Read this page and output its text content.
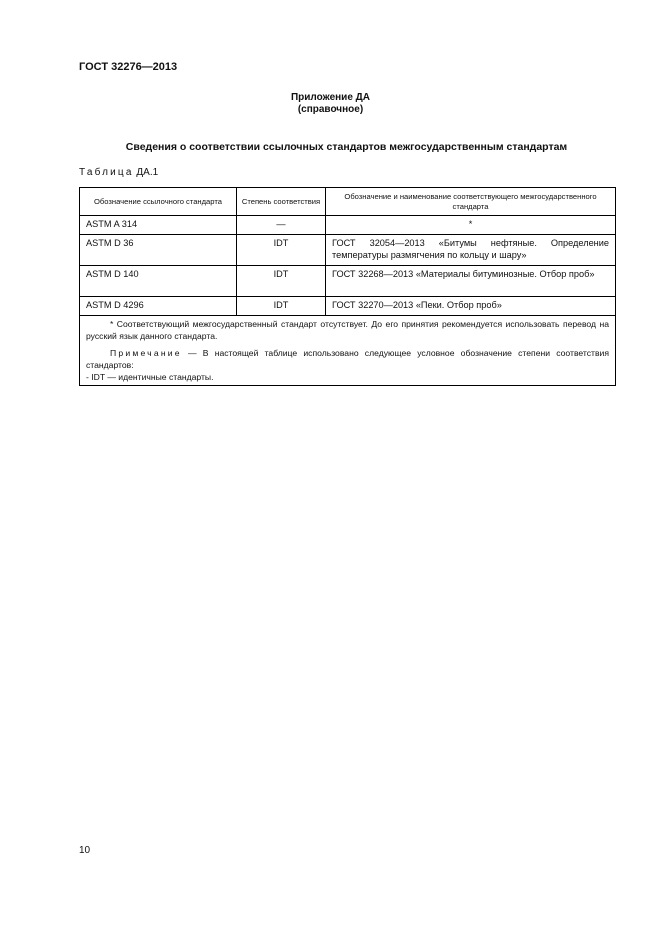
ГОСТ 32276—2013
Приложение ДА
(справочное)
Сведения о соответствии ссылочных стандартов межгосударственным стандартам
Таблица ДА.1
Обозначение ссылочного стандарта	Степень соответствия	Обозначение и наименование соответствующего межгосударственного стандарта
ASTM A 314	—	*
ASTM D 36	IDT	ГОСТ 32054—2013 «Битумы нефтяные. Определение температуры размягчения по кольцу и шару»
ASTM D 140	IDT	ГОСТ 32268—2013 «Материалы битуминозные. Отбор проб»
ASTM D 4296	IDT	ГОСТ 32270—2013 «Пеки. Отбор проб»

* Соответствующий межгосударственный стандарт отсутствует. До его принятия рекомендуется использовать перевод на русский язык данного стандарта.

Примечание — В настоящей таблице использовано следующее условное обозначение степени соответствия стандартов:

- IDT — идентичные стандарты.		

10
